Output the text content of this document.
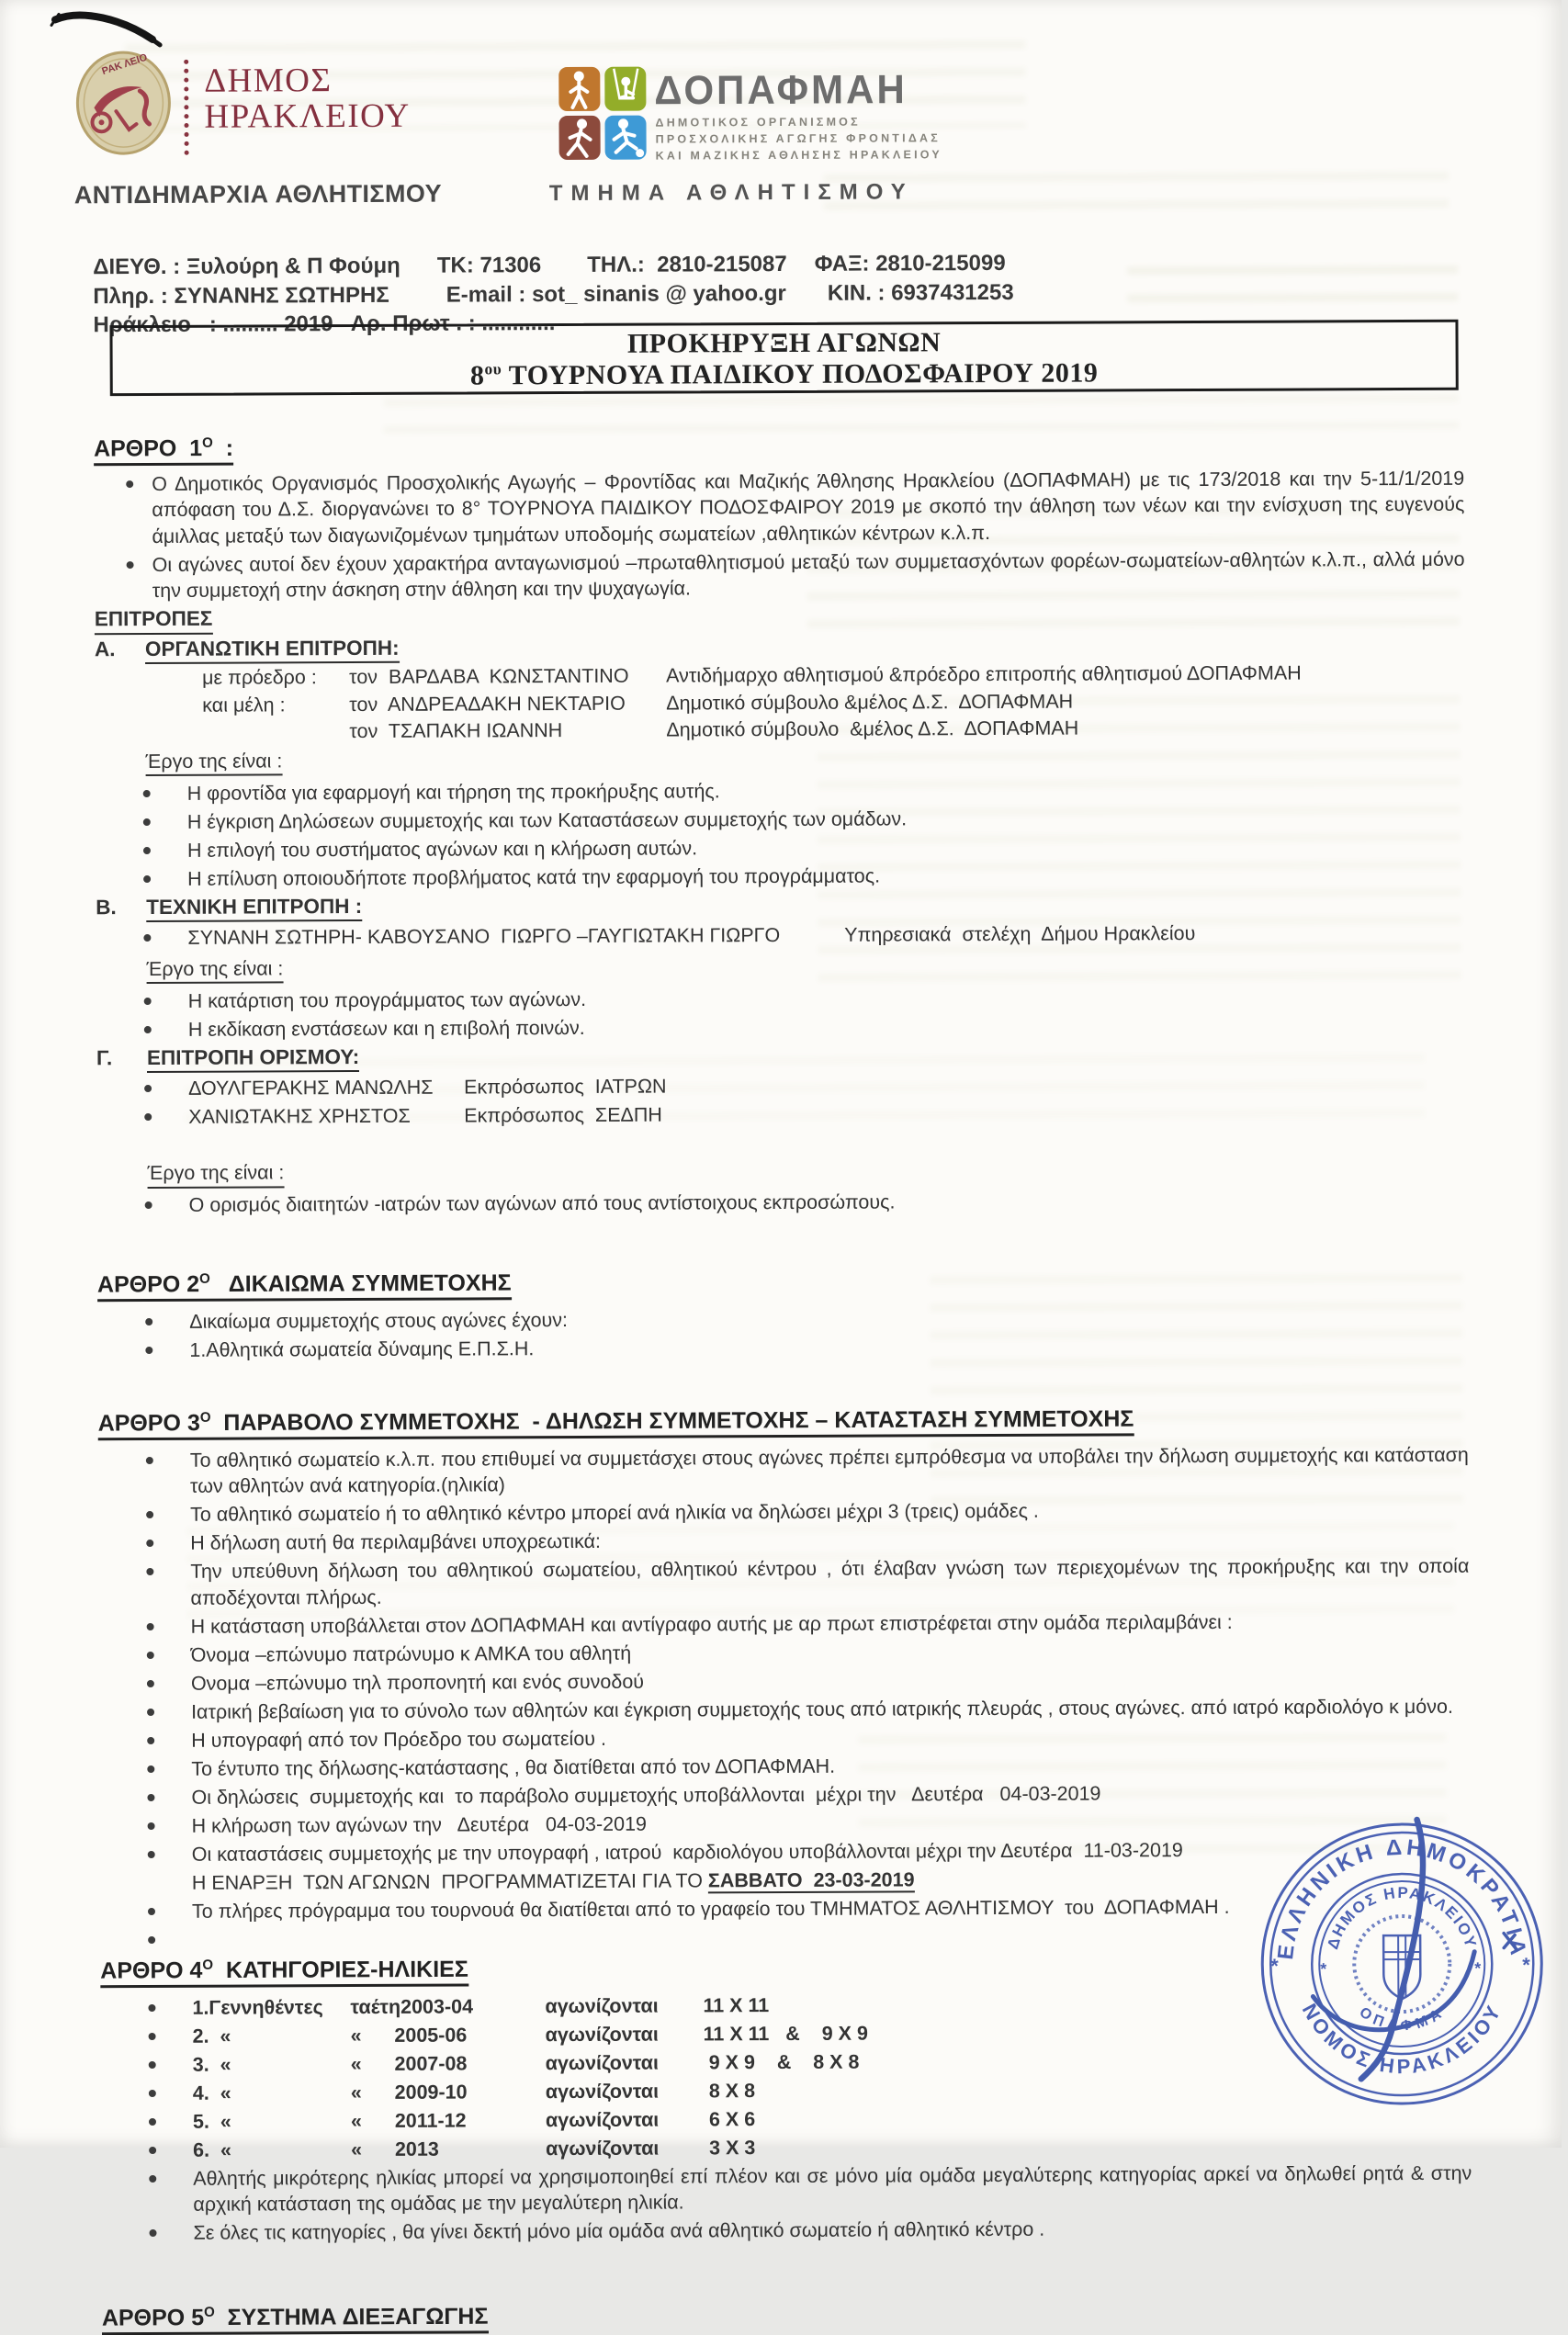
ΡΑΚ ΛΕΙΟ ΔΗΜΟΣ
ΗΡΑΚΛΕΙΟΥ
ΑΝΤΙΔΗΜΑΡΧΙΑ ΑΘΛΗΤΙΣΜΟΥ
ΔΟΠΑΦΜΑΗ
ΔΗΜΟΤΙΚΟΣ ΟΡΓΑΝΙΣΜΟΣ
ΠΡΟΣΧΟΛΙΚΗΣ ΑΓΩΓΗΣ ΦΡΟΝΤΙΔΑΣ
ΚΑΙ ΜΑΖΙΚΗΣ ΑΘΛΗΣΗΣ ΗΡΑΚΛΕΙΟΥ
ΤΜΗΜΑ ΑΘΛΗΤΙΣΜΟΥ
ΔΙΕΥΘ. : Ξυλούρη & Π Φούμη ΤΚ: 71306 ΤΗΛ.:  2810-215087 ΦΑΞ: 2810-215099
Πληρ. : ΣΥΝΑΝΗΣ ΣΩΤΗΡΗΣ	E-mail : sot_ sinanis @ yahoo.gr ΚΙΝ. : 6937431253
Ηράκλειο   : ......... 2019   Αρ. Πρωτ . : ............
ΠΡΟΚΗΡΥΞΗ ΑΓΩΝΩΝ
$8^{o\upsilon}$ ΤΟΥΡΝΟΥΑ ΠΑΙΔΙΚΟΥ ΠΟΔΟΣΦΑΙΡΟΥ 2019
ΑΡΘΡΟ  $1^O$  :
Ο Δημοτικός Οργανισμός Προσχολικής Αγωγής – Φροντίδας και Μαζικής Άθλησης Ηρακλείου (ΔΟΠΑΦΜΑΗ) με τις 173/2018 και την 5-11/1/2019 απόφαση του Δ.Σ. διοργανώνει το 8° ΤΟΥΡΝΟΥΑ ΠΑΙΔΙΚΟΥ ΠΟΔΟΣΦΑΙΡΟΥ 2019 με σκοπό την άθληση των νέων και την ενίσχυση της ευγενούς άμιλλας μεταξύ των διαγωνιζομένων τμημάτων υποδομής σωματείων ,αθλητικών κέντρων κ.λ.π.
Οι αγώνες αυτοί δεν έχουν χαρακτήρα ανταγωνισμού –πρωταθλητισμού μεταξύ των συμμετασχόντων φορέων-σωματείων-αθλητών κ.λ.π., αλλά μόνο την συμμετοχή στην άσκηση στην άθληση και την ψυχαγωγία.
ΕΠΙΤΡΟΠΕΣ
Α.	ΟΡΓΑΝΩΤΙΚΗ ΕΠΙΤΡΟΠΗ:
με πρόεδρο :	τον  ΒΑΡΔΑΒΑ  ΚΩΝΣΤΑΝΤΙΝΟ	Αντιδήμαρχο αθλητισμού &πρόεδρο επιτροπής αθλητισμού ΔΟΠΑΦΜΑΗ
και μέλη :	τον  ΑΝΔΡΕΑΔΑΚΗ ΝΕΚΤΑΡΙΟ	Δημοτικό σύμβουλο &μέλος Δ.Σ.  ΔΟΠΑΦΜΑΗ
τον  ΤΣΑΠΑΚΗ ΙΩΑΝΝΗ	Δημοτικό σύμβουλο  &μέλος Δ.Σ.  ΔΟΠΑΦΜΑΗ
Έργο της είναι :
Η φροντίδα για εφαρμογή και τήρηση της προκήρυξης αυτής.
Η έγκριση Δηλώσεων συμμετοχής και των Καταστάσεων συμμετοχής των ομάδων.
Η επιλογή του συστήματος αγώνων και η κλήρωση αυτών.
Η επίλυση οποιουδήποτε προβλήματος κατά την εφαρμογή του προγράμματος.
Β.	ΤΕΧΝΙΚΗ ΕΠΙΤΡΟΠΗ :
ΣΥΝΑΝΗ ΣΩΤΗΡΗ- ΚΑΒΟΥΣΑΝΟ  ΓΙΩΡΓΟ –ΓΑΥΓΙΩΤΑΚΗ ΓΙΩΡΓΟ	Υπηρεσιακά  στελέχη  Δήμου Ηρακλείου
Έργο της είναι :
Η κατάρτιση του προγράμματος των αγώνων.
Η εκδίκαση ενστάσεων και η επιβολή ποινών.
Γ.	ΕΠΙΤΡΟΠΗ ΟΡΙΣΜΟΥ:
ΔΟΥΛΓΕΡΑΚΗΣ ΜΑΝΩΛΗΣ	Εκπρόσωπος  ΙΑΤΡΩΝ
ΧΑΝΙΩΤΑΚΗΣ ΧΡΗΣΤΟΣ	Εκπρόσωπος  ΣΕΔΠΗ
Έργο της είναι :
Ο ορισμός διαιτητών -ιατρών των αγώνων από τους αντίστοιχους εκπροσώπους.
ΑΡΘΡΟ $2^O$   ΔΙΚΑΙΩΜΑ ΣΥΜΜΕΤΟΧΗΣ
Δικαίωμα συμμετοχής στους αγώνες έχουν:
1.Αθλητικά σωματεία δύναμης Ε.Π.Σ.Η.
ΑΡΘΡΟ $3^O$  ΠΑΡΑΒΟΛΟ ΣΥΜΜΕΤΟΧΗΣ  - ΔΗΛΩΣΗ ΣΥΜΜΕΤΟΧΗΣ – ΚΑΤΑΣΤΑΣΗ ΣΥΜΜΕΤΟΧΗΣ
Το αθλητικό σωματείο κ.λ.π. που επιθυμεί να συμμετάσχει στους αγώνες πρέπει εμπρόθεσμα να υποβάλει την δήλωση συμμετοχής και κατάσταση των αθλητών ανά κατηγορία.(ηλικία)
Το αθλητικό σωματείο ή το αθλητικό κέντρο μπορεί ανά ηλικία να δηλώσει μέχρι 3 (τρεις) ομάδες .
Η δήλωση αυτή θα περιλαμβάνει υποχρεωτικά:
Την υπεύθυνη δήλωση του αθλητικού σωματείου, αθλητικού κέντρου , ότι έλαβαν γνώση των περιεχομένων της προκήρυξης και την οποία αποδέχονται πλήρως.
Η κατάσταση υποβάλλεται στον ΔΟΠΑΦΜΑΗ και αντίγραφο αυτής με αρ πρωτ επιστρέφεται στην ομάδα περιλαμβάνει :
Όνομα –επώνυμο πατρώνυμο κ ΑΜΚΑ του αθλητή
Ονομα –επώνυμο τηλ προπονητή και ενός συνοδού
Ιατρική βεβαίωση για το σύνολο των αθλητών και έγκριση συμμετοχής τους από ιατρικής πλευράς , στους αγώνες. από ιατρό καρδιολόγο κ μόνο.
Η υπογραφή από τον Πρόεδρο του σωματείου .
Το έντυπο της δήλωσης-κατάστασης , θα διατίθεται από τον ΔΟΠΑΦΜΑΗ.
Οι δηλώσεις  συμμετοχής και  το παράβολο συμμετοχής υποβάλλονται  μέχρι την   Δευτέρα   04-03-2019
Η κλήρωση των αγώνων την   Δευτέρα   04-03-2019
Οι καταστάσεις συμμετοχής με την υπογραφή , ιατρού  καρδιολόγου υποβάλλονται μέχρι την Δευτέρα  11-03-2019
Η ΕΝΑΡΞΗ  ΤΩΝ ΑΓΩΝΩΝ  ΠΡΟΓΡΑΜΜΑΤΙΖΕΤΑΙ ΓΙΑ ΤΟ ΣΑΒΒΑΤΟ  23-03-2019
Το πλήρες πρόγραμμα του τουρνουά θα διατίθεται από το γραφείο του ΤΜΗΜΑΤΟΣ ΑΘΛΗΤΙΣΜΟΥ  του  ΔΟΠΑΦΜΑΗ .
ΑΡΘΡΟ $4^O$  ΚΑΤΗΓΟΡΙΕΣ-ΗΛΙΚΙΕΣ
1.Γεννηθέντες	ταέτη2003-04	αγωνίζονται	11 Χ 11
2.  «	«      2005-06	αγωνίζονται	11 Χ 11   &    9 Χ 9
3.  «	«      2007-08	αγωνίζονται	9 Χ 9    &    8 Χ 8
4.  «	«      2009-10	αγωνίζονται	8 Χ 8
5.  «	«      2011-12	αγωνίζονται	6 Χ 6
6.  «	«      2013	αγωνίζονται	3 Χ 3
Αθλητής μικρότερης ηλικίας μπορεί να χρησιμοποιηθεί επί πλέον και σε μόνο μία ομάδα μεγαλύτερης κατηγορίας αρκεί να δηλωθεί ρητά & στην αρχική κατάσταση της ομάδας με την μεγαλύτερη ηλικία.
Σε όλες τις κατηγορίες , θα γίνει δεκτή μόνο μία ομάδα ανά αθλητικό σωματείο ή αθλητικό κέντρο .
ΑΡΘΡΟ $5^O$  ΣΥΣΤΗΜΑ ΔΙΕΞΑΓΩΓΗΣ
ΕΛΛΗΝΙΚΗ ΔΗΜΟΚΡΑΤΙΑ
ΝΟΜΟΣ ΗΡΑΚΛΕΙΟΥ
ΔΗΜΟΣ ΗΡΑΚΛΕΙΟΥ
ΟΠΑΦΜΑ
*	*
*	*
